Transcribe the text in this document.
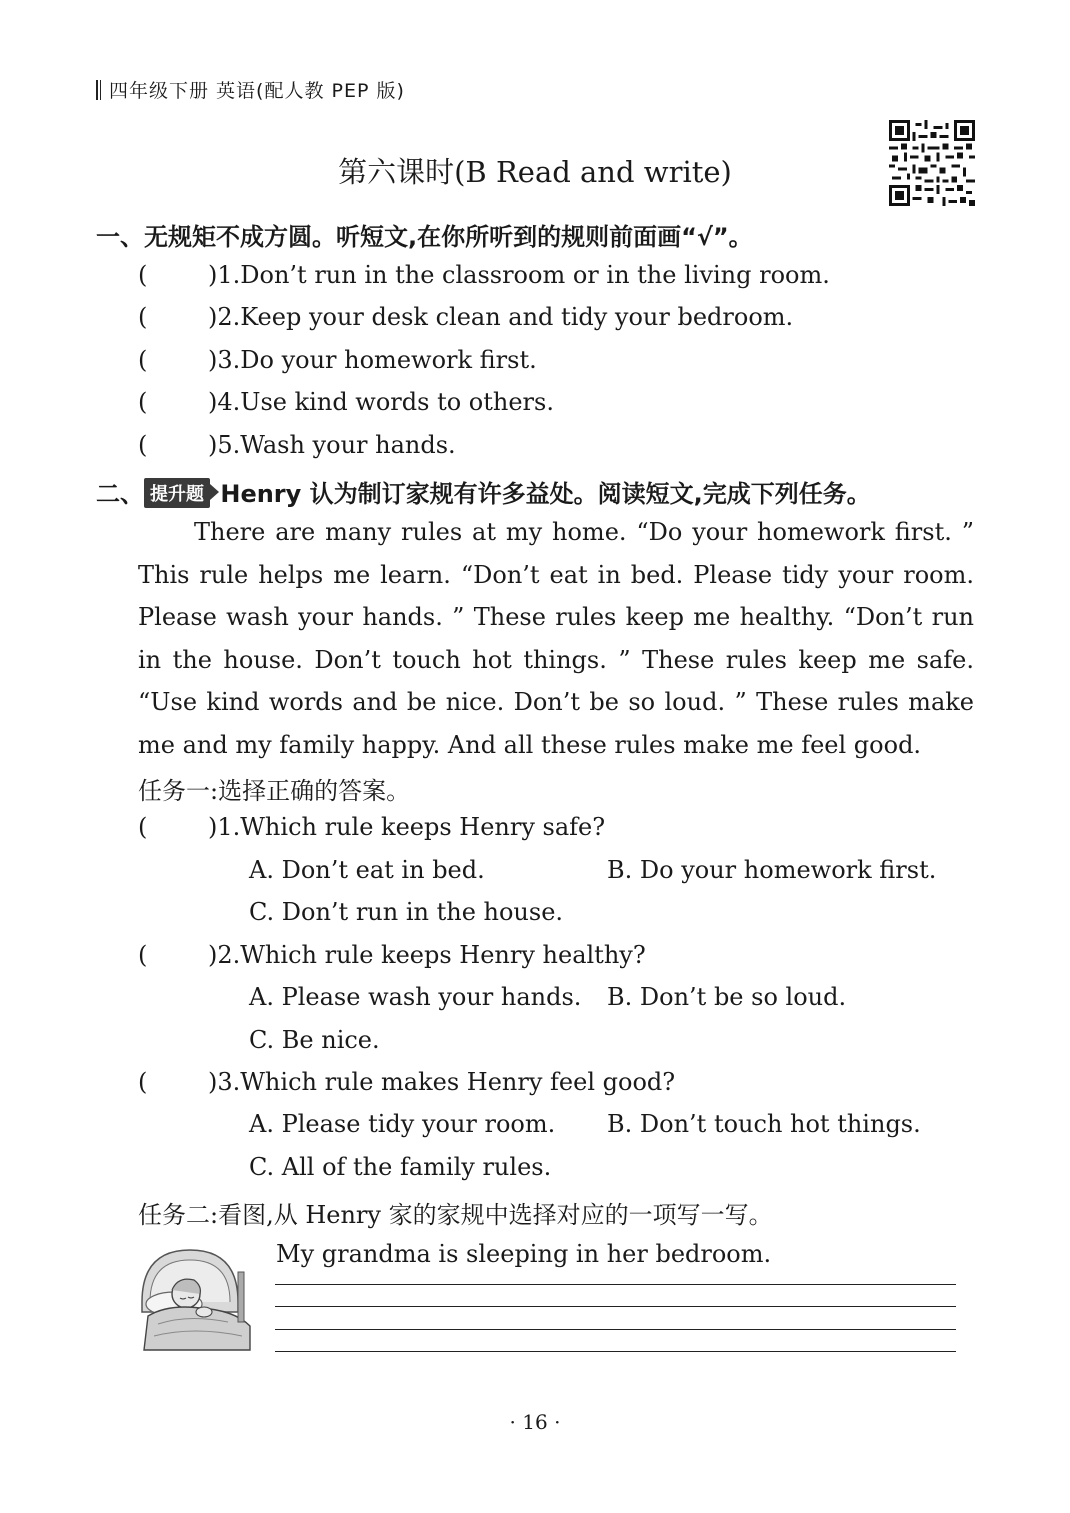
四年级下册 英语(配人教 PEP 版)
第六课时(B Read and write)
一、无规矩不成方圆。听短文,在你所听到的规则前面画“√”。
(	)1.Don’t run in the classroom or in the living room.
(	)2.Keep your desk clean and tidy your bedroom.
(	)3.Do your homework first.
(	)4.Use kind words to others.
(	)5.Wash your hands.
二、 提升题 Henry 认为制订家规有许多益处。阅读短文,完成下列任务。

There are many rules at my home. “Do your homework first. ”

This rule helps me learn. “Don’t eat in bed. Please tidy your room.

Please wash your hands. ” These rules keep me healthy. “Don’t run

in the house. Don’t touch hot things. ” These rules keep me safe.

“Use kind words and be nice. Don’t be so loud. ” These rules make

me and my family happy. And all these rules make me feel good.

任务一:选择正确的答案。
(	)1.Which rule keeps Henry safe?
A. Don’t eat in bed.	B. Do your homework first.
C. Don’t run in the house.
(	)2.Which rule keeps Henry healthy?
A. Please wash your hands. B. Don’t be so loud.
C. Be nice.
(	)3.Which rule makes Henry feel good?
A. Please tidy your room. B. Don’t touch hot things.
C. All of the family rules.
任务二:看图,从 Henry 家的家规中选择对应的一项写一写。
My grandma is sleeping in her bedroom.
· 16 ·
